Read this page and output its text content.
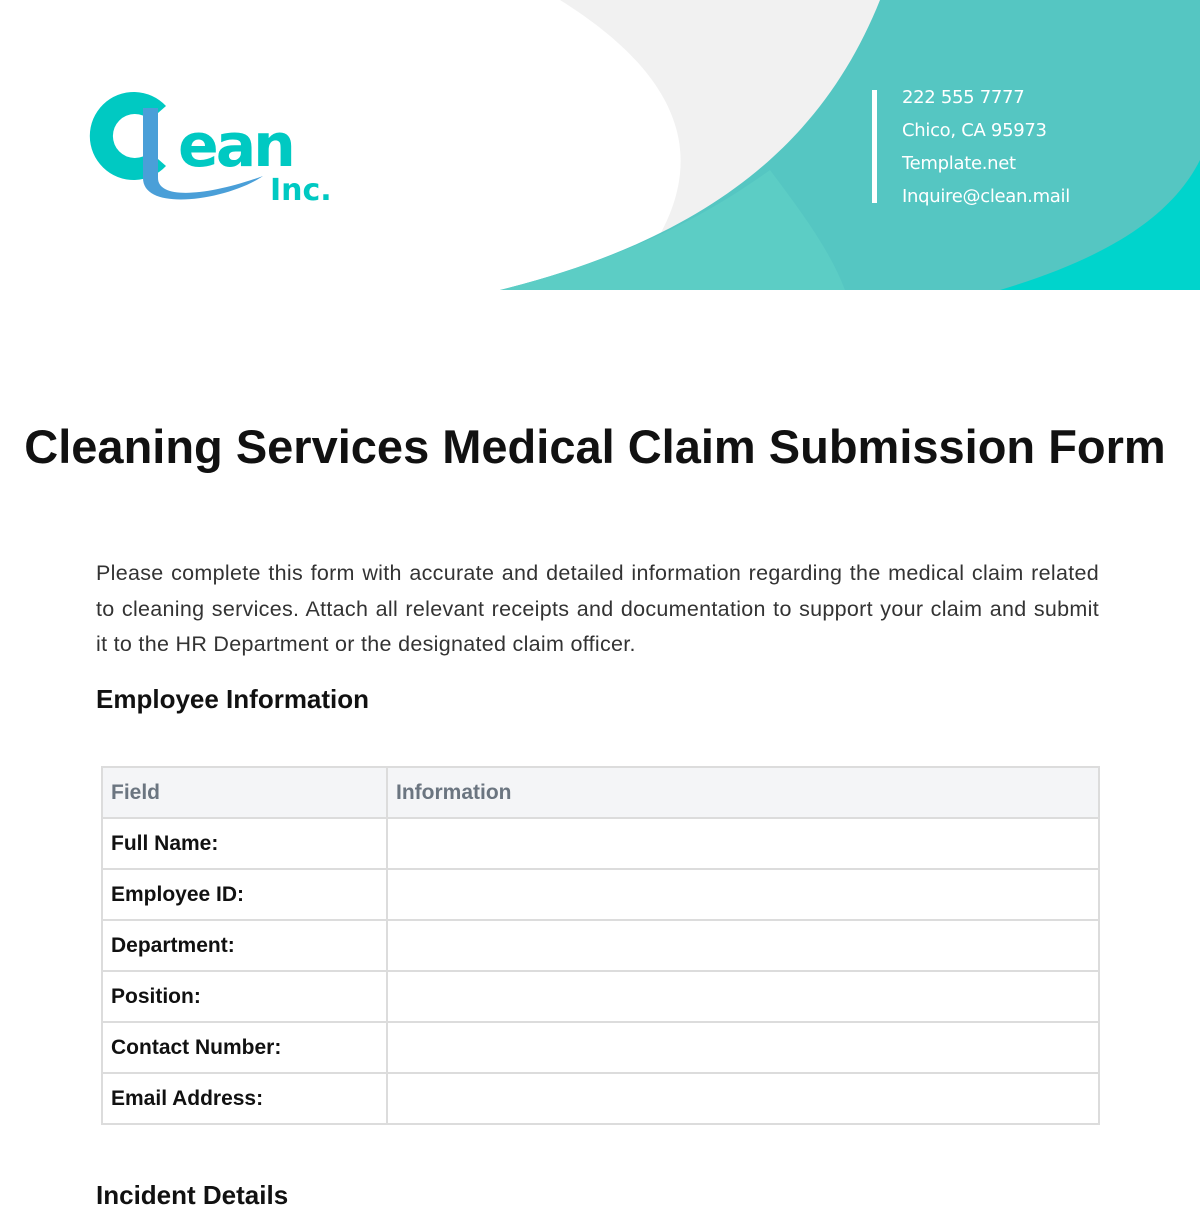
ean
Inc.
222 555 7777
Chico, CA 95973
Template.net
Inquire@clean.mail
Cleaning Services Medical Claim Submission Form

Please complete this form with accurate and detailed information regarding the medical claim related to cleaning services. Attach all relevant receipts and documentation to support your claim and submit it to the HR Department or the designated claim officer.

Employee Information
Field	Information
Full Name:	
Employee ID:	
Department:	
Position:	
Contact Number:	
Email Address:	
Incident Details
